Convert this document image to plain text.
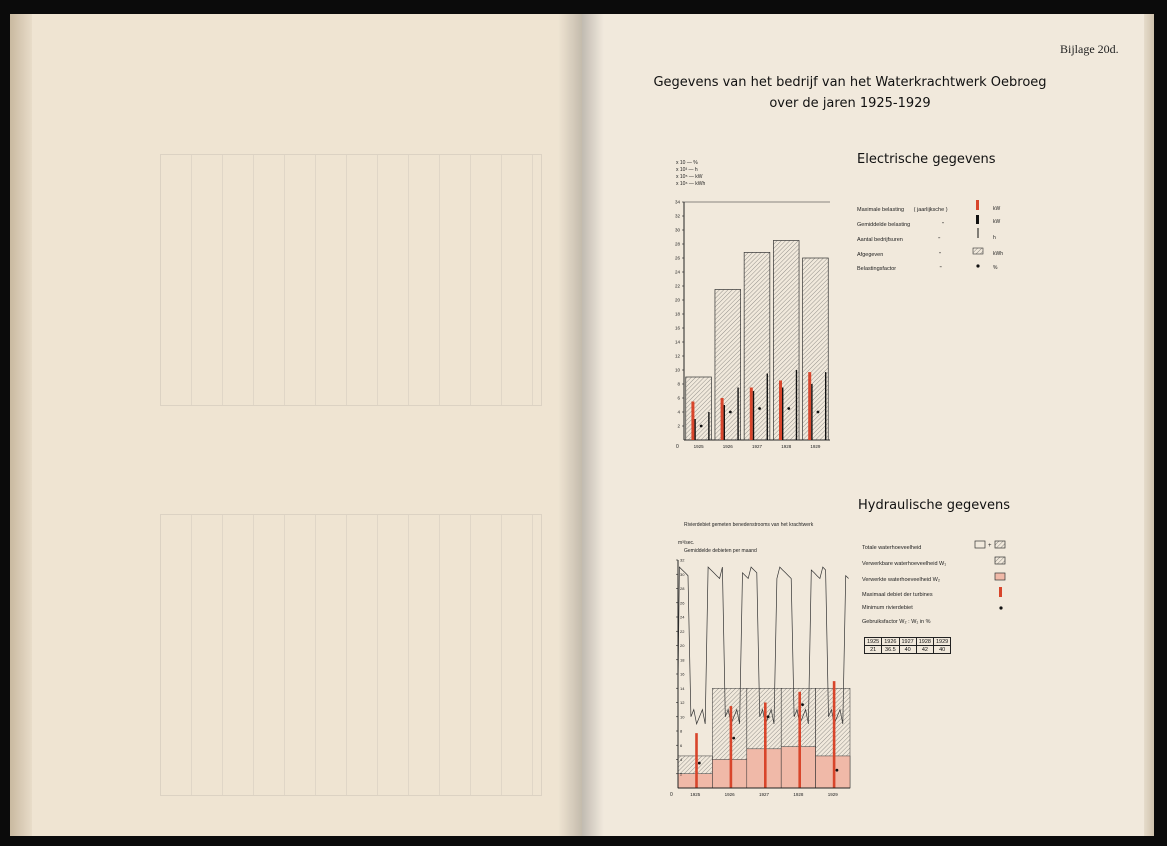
Bijlage 20d.
Gegevens van het bedrijf van het Waterkrachtwerk Oebroeg
over de jaren 1925-1929
Electrische gegevens
x 10 — %
x 10³ — h
x 10⁵ — kW
x 10⁶ — kWh
Maximale belasting ( jaarlijksche )
Gemiddelde belasting	"
Aantal bedrijfsuren	"
Afgegeven	"
Belastingsfactor	"
kW
kW
h
kWh
%
2
4
6
8
10
12
14
16
18
20
22
24
26
28
30
32
34
0	1925	1926	1927	1928	1929
Hydraulische gegevens
Rivierdebiet gemeten benedenstrooms van het krachtwerk
m³/sec.
Gemiddelde debieten per maand	Totale waterhoeveelheid
Verwerkbare waterhoeveelheid W₁
Verwerkte waterhoeveelheid W₂
Maximaal debiet der turbines
Minimum rivierdebiet
Gebruiksfactor W₂ : W₁ in %
+
1925	1926	1927	1928	1929
21	36.5	40	42	40
1925	1926	1927	1928	1929
2
4
6
8
10
12
14
16
18
20
22
24
26
28
30
32
0
